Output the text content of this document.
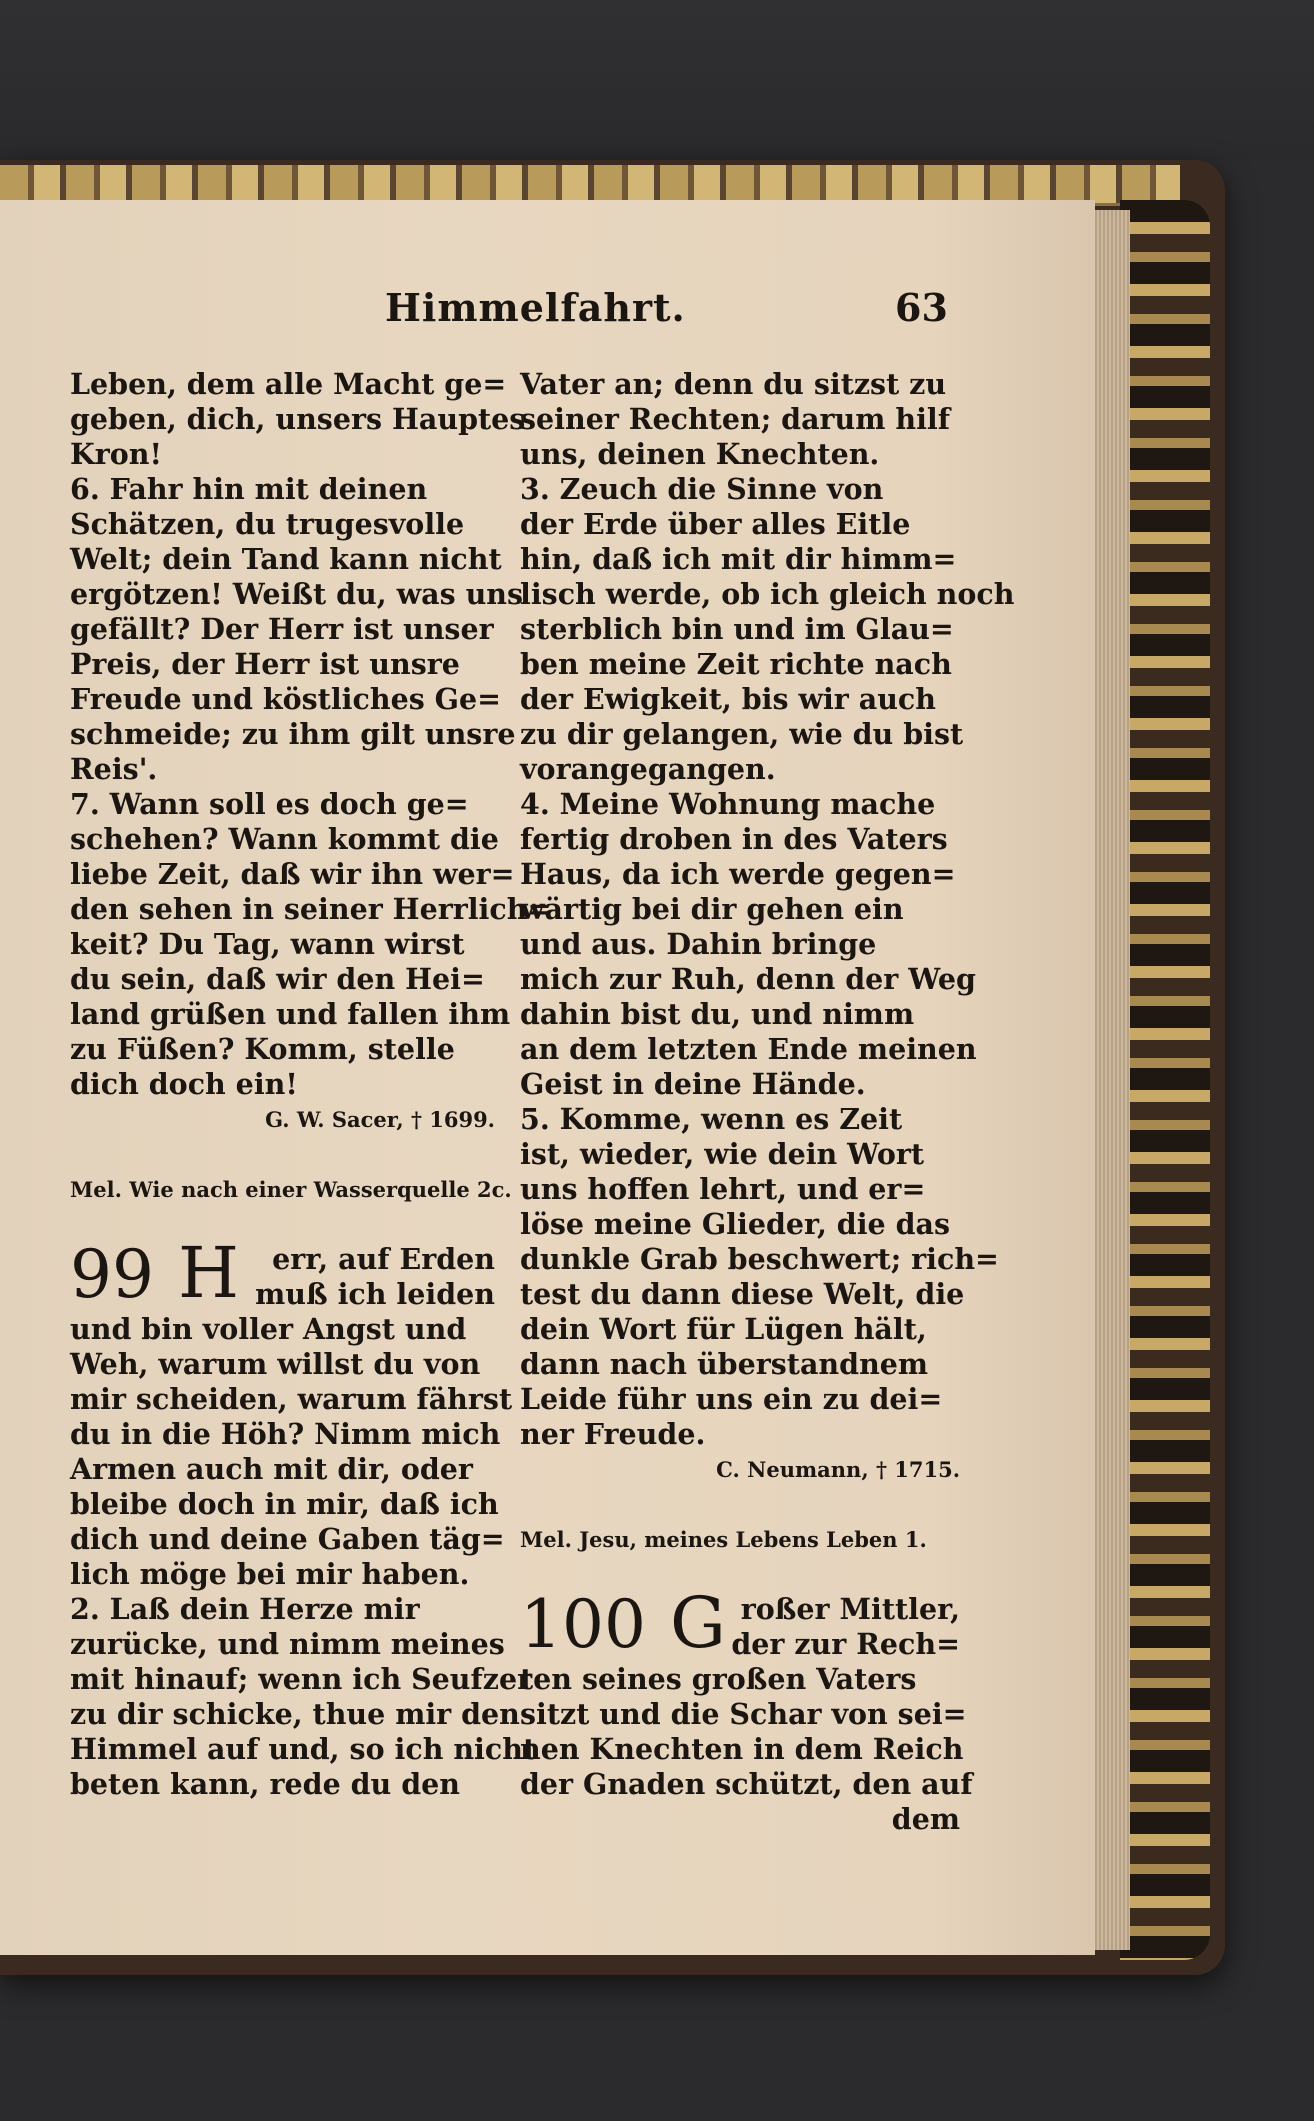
Himmelfahrt.	63
Leben, dem alle Macht ge=
geben, dich, unsers Hauptes
Kron!
6. Fahr hin mit deinen
Schätzen, du trugesvolle
Welt; dein Tand kann nicht
ergötzen! Weißt du, was uns
gefällt? Der Herr ist unser
Preis, der Herr ist unsre
Freude und köstliches Ge=
schmeide; zu ihm gilt unsre
Reis'.
7. Wann soll es doch ge=
schehen? Wann kommt die
liebe Zeit, daß wir ihn wer=
den sehen in seiner Herrlich=
keit? Du Tag, wann wirst
du sein, daß wir den Hei=
land grüßen und fallen ihm
zu Füßen? Komm, stelle
dich doch ein!
G. W. Sacer, † 1699.
Mel. Wie nach einer Wasserquelle 2c.
99 H err, auf Erden
muß ich leiden
und bin voller Angst und
Weh, warum willst du von
mir scheiden, warum fährst
du in die Höh? Nimm mich
Armen auch mit dir, oder
bleibe doch in mir, daß ich
dich und deine Gaben täg=
lich möge bei mir haben.
2. Laß dein Herze mir
zurücke, und nimm meines
mit hinauf; wenn ich Seufzer
zu dir schicke, thue mir den
Himmel auf und, so ich nicht
beten kann, rede du den
Vater an; denn du sitzst zu
seiner Rechten; darum hilf
uns, deinen Knechten.
3. Zeuch die Sinne von
der Erde über alles Eitle
hin, daß ich mit dir himm=
lisch werde, ob ich gleich noch
sterblich bin und im Glau=
ben meine Zeit richte nach
der Ewigkeit, bis wir auch
zu dir gelangen, wie du bist
vorangegangen.
4. Meine Wohnung mache
fertig droben in des Vaters
Haus, da ich werde gegen=
wärtig bei dir gehen ein
und aus. Dahin bringe
mich zur Ruh, denn der Weg
dahin bist du, und nimm
an dem letzten Ende meinen
Geist in deine Hände.
5. Komme, wenn es Zeit
ist, wieder, wie dein Wort
uns hoffen lehrt, und er=
löse meine Glieder, die das
dunkle Grab beschwert; rich=
test du dann diese Welt, die
dein Wort für Lügen hält,
dann nach überstandnem
Leide führ uns ein zu dei=
ner Freude.
C. Neumann, † 1715.
Mel. Jesu, meines Lebens Leben 1.
100 G roßer Mittler,
der zur Rech=
ten seines großen Vaters
sitzt und die Schar von sei=
nen Knechten in dem Reich
der Gnaden schützt, den auf
dem
